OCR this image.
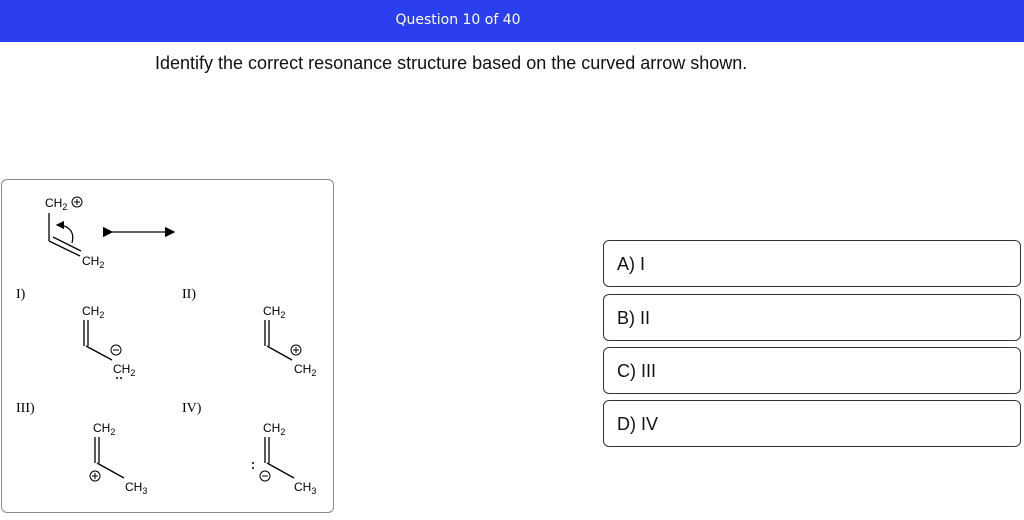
Question 10 of 40
Identify the correct resonance structure based on the curved arrow shown.
$CH_2$
$CH_2$
I)	II)
III)	IV)
$CH_2$
$CH_2$
$CH_2$
$CH_2$
$CH_2$
$CH_3$
$CH_2$
$CH_3$
A) I
B) II
C) III
D) IV
